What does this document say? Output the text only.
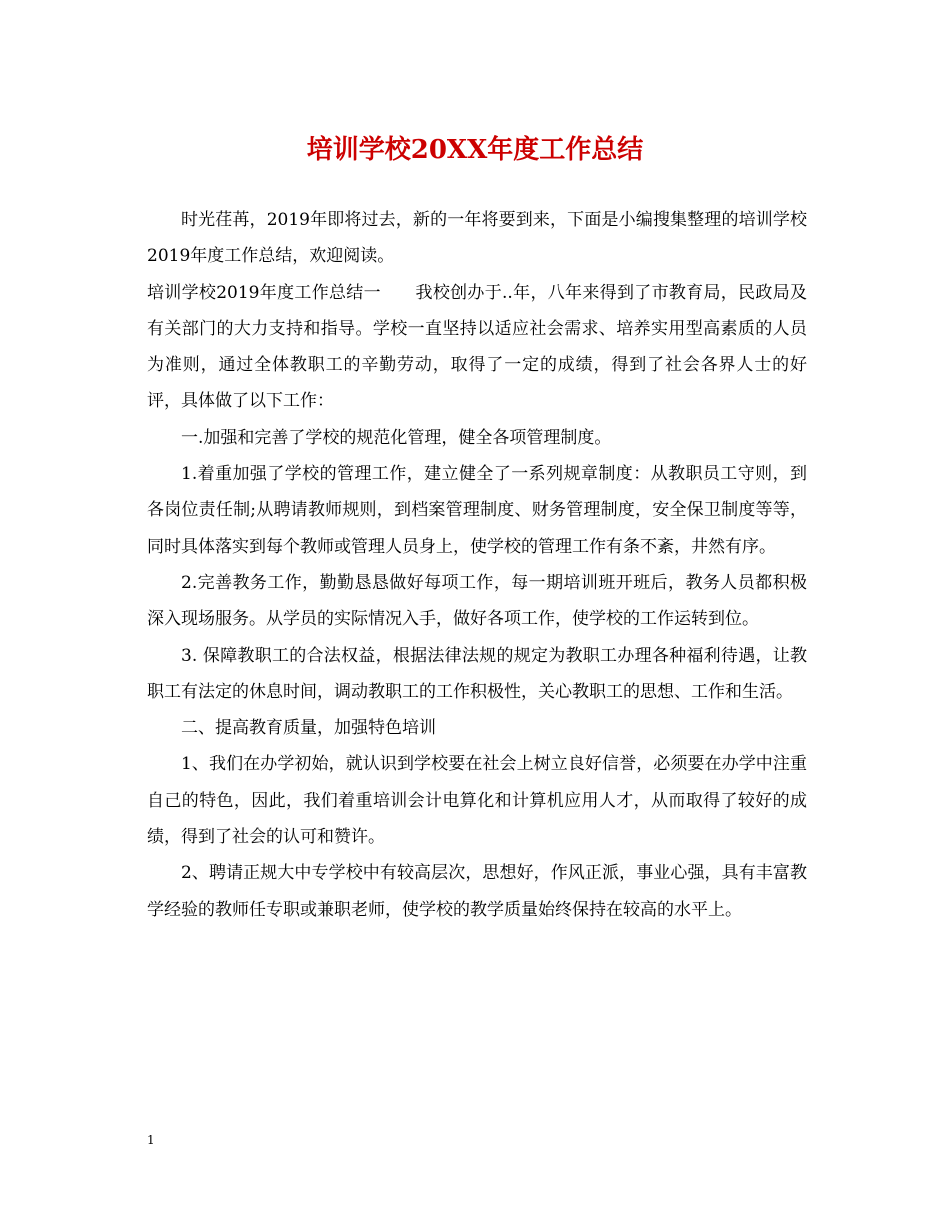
培训学校20XX年度工作总结

时光荏苒，2019年即将过去，新的一年将要到来，下面是小编搜集整理的培训学校2019年度工作总结，欢迎阅读。

培训学校2019年度工作总结一　　我校创办于..年，八年来得到了市教育局，民政局及有关部门的大力支持和指导。学校一直坚持以适应社会需求、培养实用型高素质的人员为准则，通过全体教职工的辛勤劳动，取得了一定的成绩，得到了社会各界人士的好评，具体做了以下工作：

一.加强和完善了学校的规范化管理，健全各项管理制度。

1.着重加强了学校的管理工作，建立健全了一系列规章制度：从教职员工守则，到各岗位责任制;从聘请教师规则，到档案管理制度、财务管理制度，安全保卫制度等等，同时具体落实到每个教师或管理人员身上，使学校的管理工作有条不紊，井然有序。

2.完善教务工作，勤勤恳恳做好每项工作，每一期培训班开班后，教务人员都积极深入现场服务。从学员的实际情况入手，做好各项工作，使学校的工作运转到位。

3. 保障教职工的合法权益，根据法律法规的规定为教职工办理各种福利待遇，让教职工有法定的休息时间，调动教职工的工作积极性，关心教职工的思想、工作和生活。

二、提高教育质量，加强特色培训

1、我们在办学初始，就认识到学校要在社会上树立良好信誉，必须要在办学中注重自己的特色，因此，我们着重培训会计电算化和计算机应用人才，从而取得了较好的成绩，得到了社会的认可和赞许。

2、聘请正规大中专学校中有较高层次，思想好，作风正派，事业心强，具有丰富教学经验的教师任专职或兼职老师，使学校的教学质量始终保持在较高的水平上。

1
